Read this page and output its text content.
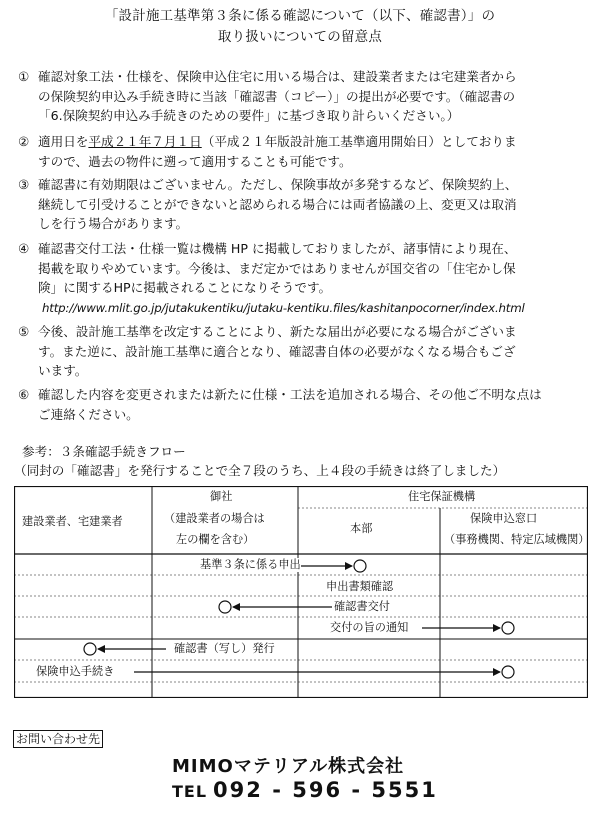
「設計施工基準第３条に係る確認について（以下、確認書）」の
取り扱いについての留意点
① 確認対象工法・仕様を、保険申込住宅に用いる場合は、建設業者または宅建業者から
の保険契約申込み手続き時に当該「確認書（コピー）」の提出が必要です。（確認書の
「6.保険契約申込み手続きのための要件」に基づき取り計らいください。）
② 適用日を平成２１年７月１日（平成２１年版設計施工基準適用開始日）としておりま
すので、過去の物件に遡って適用することも可能です。
③ 確認書に有効期限はございません。ただし、保険事故が多発するなど、保険契約上、
継続して引受けることができないと認められる場合には両者協議の上、変更又は取消
しを行う場合があります。
④ 確認書交付工法・仕様一覧は機構 HP に掲載しておりましたが、諸事情により現在、
掲載を取りやめています。今後は、まだ定かではありませんが国交省の「住宅かし保
険」に関するHPに掲載されることになりそうです。
http://www.mlit.go.jp/jutakukentiku/jutaku-kentiku.files/kashitanpocorner/index.html
⑤ 今後、設計施工基準を改定することにより、新たな届出が必要になる場合がございま
す。また逆に、設計施工基準に適合となり、確認書自体の必要がなくなる場合もござ
います。
⑥ 確認した内容を変更されまたは新たに仕様・工法を追加される場合、その他ご不明な点は
ご連絡ください。
参考：３条確認手続きフロー
（同封の「確認書」を発行することで全７段のうち、上４段の手続きは終了しました）
建設業者、宅建業者
御社
（建設業者の場合は
左の欄を含む）
住宅保証機構
本部
保険申込窓口
（事務機関、特定広域機関）
基準３条に係る申出
申出書類確認
確認書交付
交付の旨の通知
確認書（写し）発行
保険申込手続き
お問い合わせ先
MIMOマテリアル株式会社
TEL 092 - 596 - 5551
